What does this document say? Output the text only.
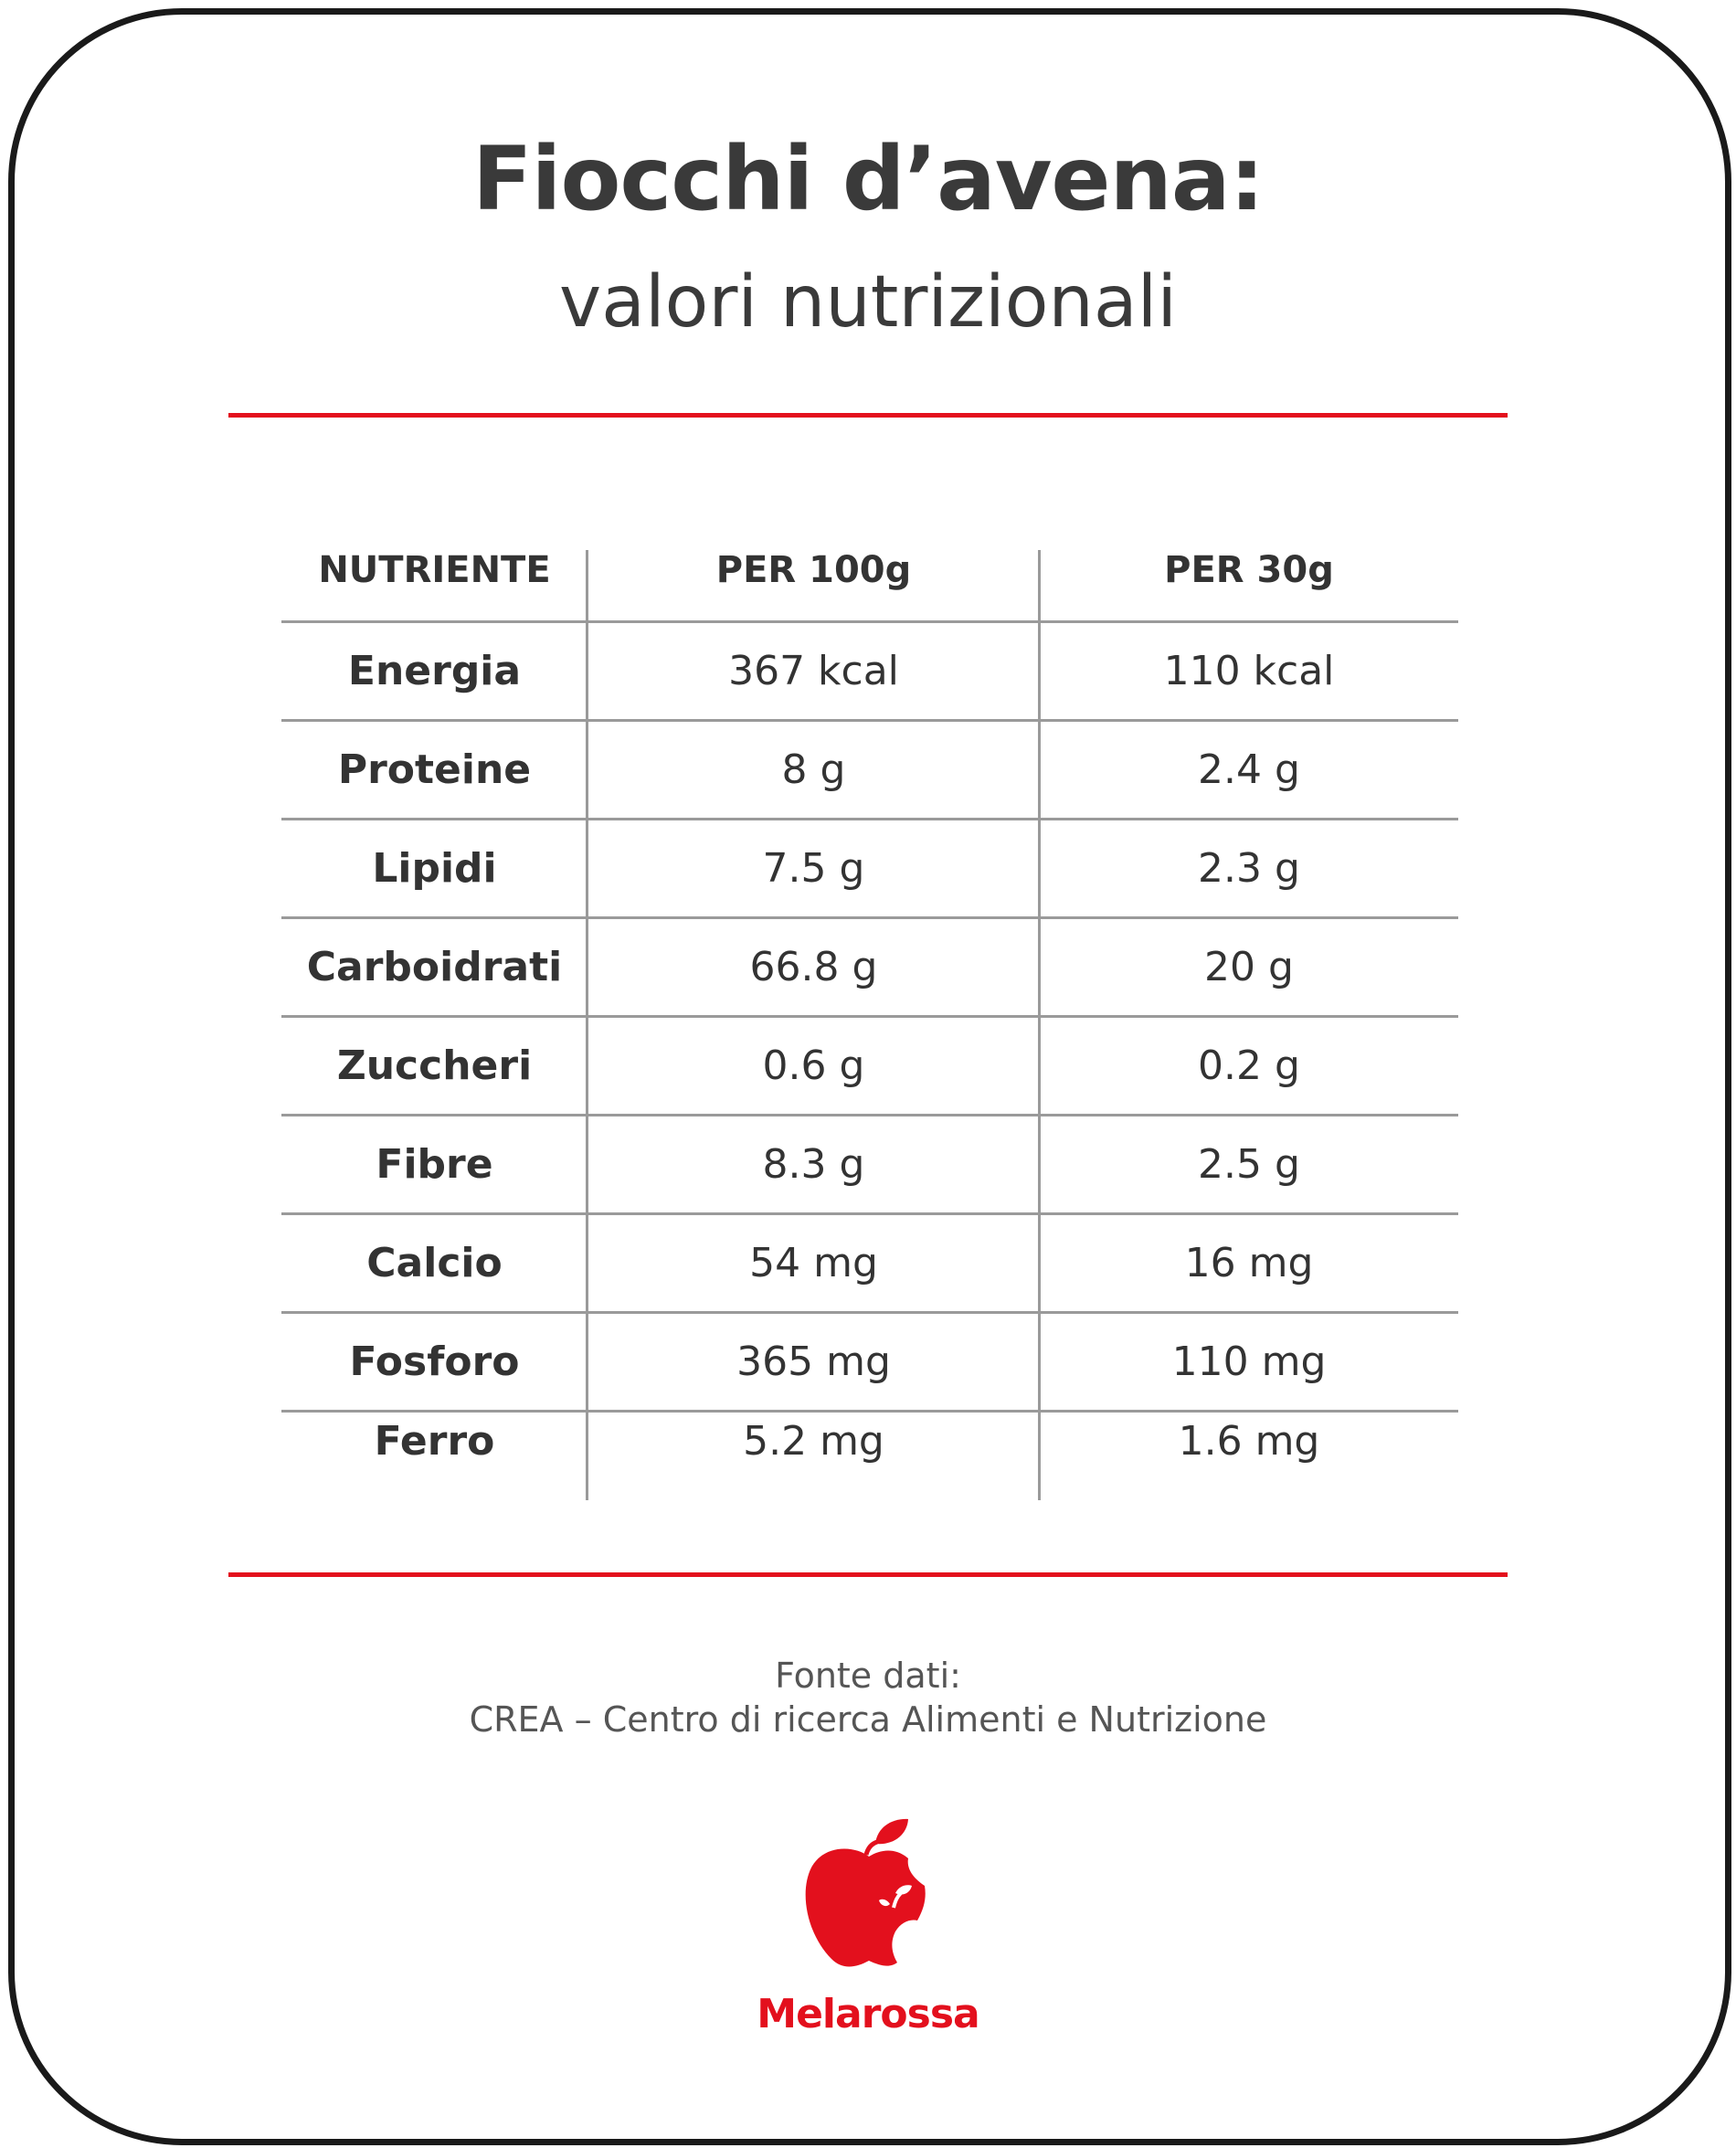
Fiocchi d’avena:
valori nutrizionali
NUTRIENTE	PER 100g	PER 30g
Energia	367 kcal	110 kcal
Proteine	8 g	2.4 g
Lipidi	7.5 g	2.3 g
Carboidrati	66.8 g	20 g
Zuccheri	0.6 g	0.2 g
Fibre	8.3 g	2.5 g
Calcio	54 mg	16 mg
Fosforo	365 mg	110 mg
Ferro	5.2 mg	1.6 mg
Fonte dati:
CREA – Centro di ricerca Alimenti e Nutrizione
Melarossa
